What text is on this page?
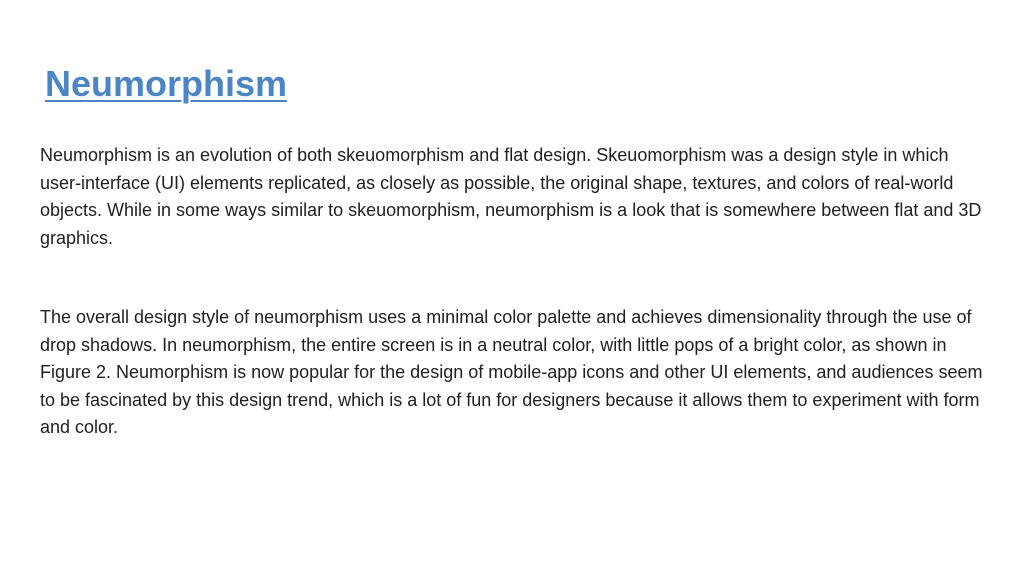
Neumorphism

Neumorphism is an evolution of both skeuomorphism and flat design. Skeuomorphism was a design style in which user-interface (UI) elements replicated, as closely as possible, the original shape, textures, and colors of real-world objects. While in some ways similar to skeuomorphism, neumorphism is a look that is somewhere between flat and 3D graphics.

The overall design style of neumorphism uses a minimal color palette and achieves dimensionality through the use of drop shadows. In neumorphism, the entire screen is in a neutral color, with little pops of a bright color, as shown in Figure 2. Neumorphism is now popular for the design of mobile-app icons and other UI elements, and audiences seem to be fascinated by this design trend, which is a lot of fun for designers because it allows them to experiment with form and color.
